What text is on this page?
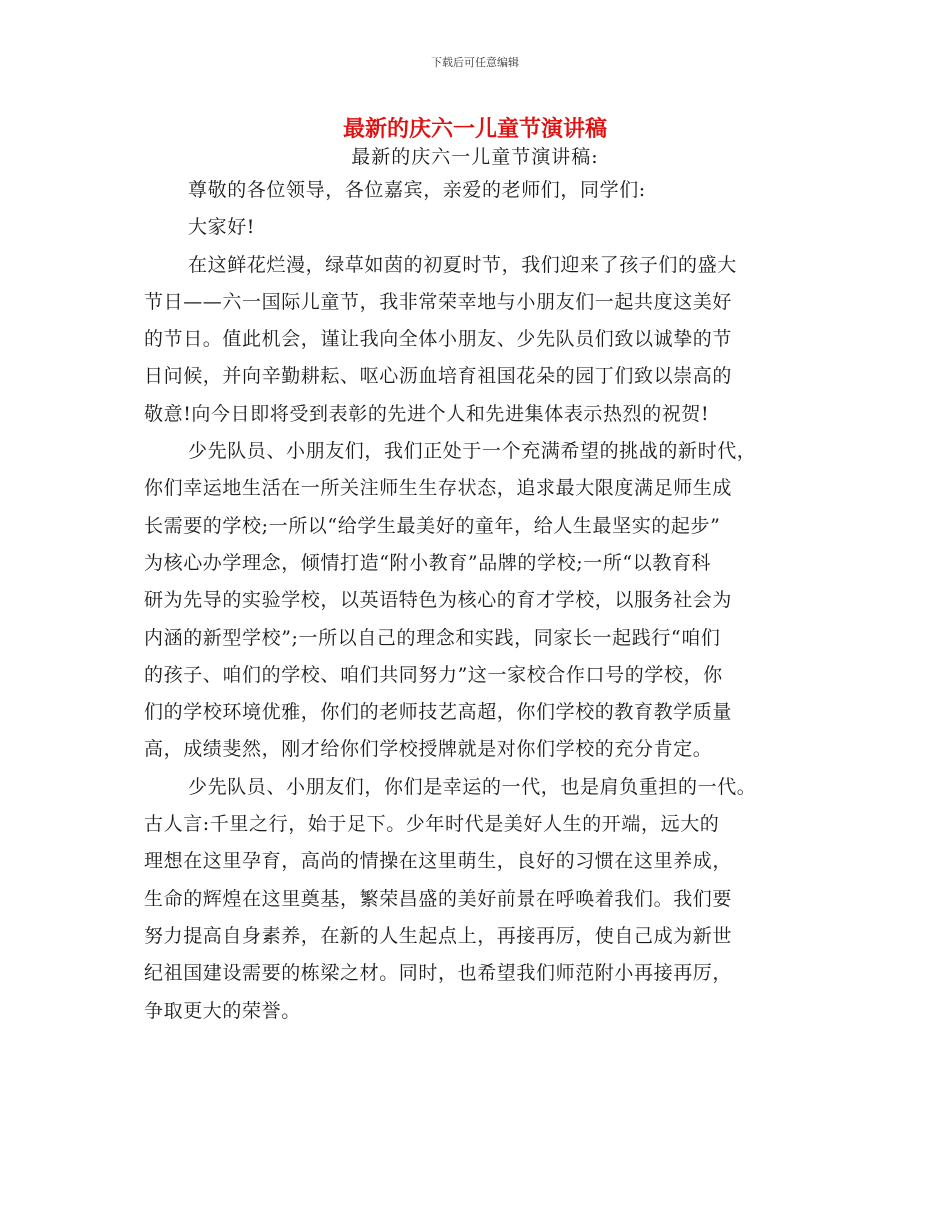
下载后可任意编辑
最新的庆六一儿童节演讲稿
最新的庆六一儿童节演讲稿:
尊敬的各位领导，各位嘉宾，亲爱的老师们，同学们:
大家好!
在这鲜花烂漫，绿草如茵的初夏时节，我们迎来了孩子们的盛大
节日——六一国际儿童节，我非常荣幸地与小朋友们一起共度这美好
的节日。值此机会，谨让我向全体小朋友、少先队员们致以诚挚的节
日问候，并向辛勤耕耘、呕心沥血培育祖国花朵的园丁们致以崇高的
敬意!向今日即将受到表彰的先进个人和先进集体表示热烈的祝贺!
少先队员、小朋友们，我们正处于一个充满希望的挑战的新时代，
你们幸运地生活在一所关注师生生存状态，追求最大限度满足师生成
长需要的学校;一所以“给学生最美好的童年，给人生最坚实的起步”
为核心办学理念，倾情打造“附小教育”品牌的学校;一所“以教育科
研为先导的实验学校，以英语特色为核心的育才学校，以服务社会为
内涵的新型学校”;一所以自己的理念和实践，同家长一起践行“咱们
的孩子、咱们的学校、咱们共同努力”这一家校合作口号的学校，你
们的学校环境优雅，你们的老师技艺高超，你们学校的教育教学质量
高，成绩斐然，刚才给你们学校授牌就是对你们学校的充分肯定。
少先队员、小朋友们，你们是幸运的一代，也是肩负重担的一代。
古人言:千里之行，始于足下。少年时代是美好人生的开端，远大的
理想在这里孕育，高尚的情操在这里萌生，良好的习惯在这里养成，
生命的辉煌在这里奠基，繁荣昌盛的美好前景在呼唤着我们。我们要
努力提高自身素养，在新的人生起点上，再接再厉，使自己成为新世
纪祖国建设需要的栋梁之材。同时，也希望我们师范附小再接再厉，
争取更大的荣誉。
